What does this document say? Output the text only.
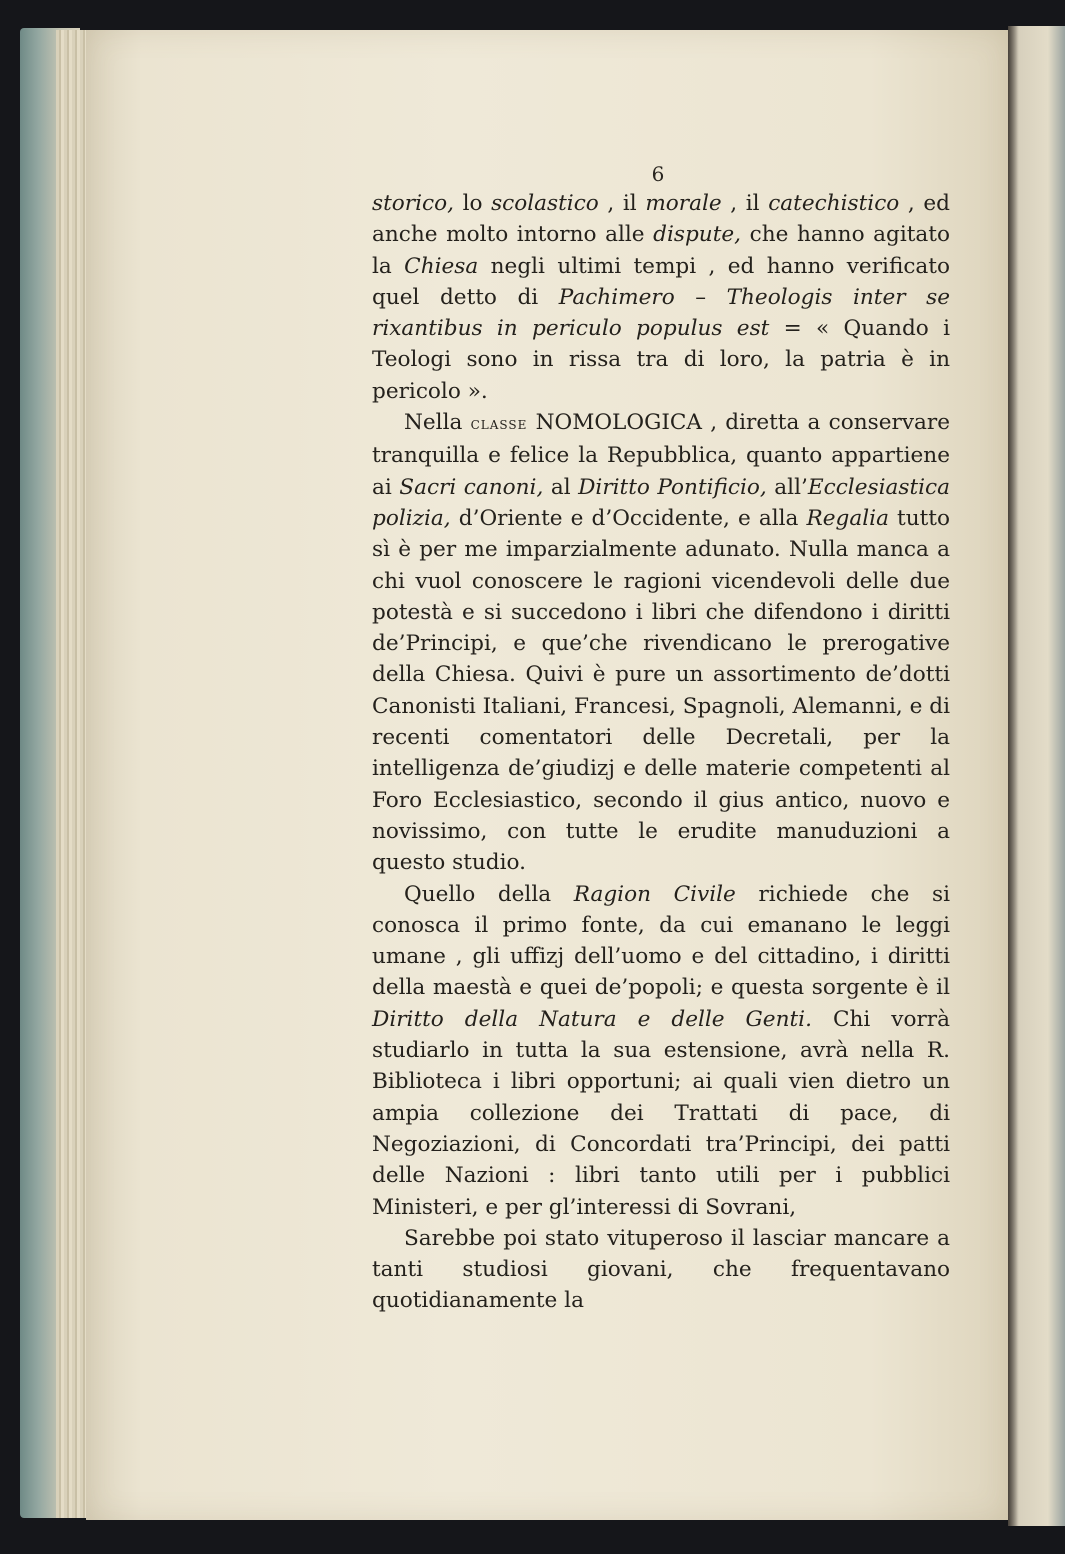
6

storico, lo scolastico , il morale , il catechistico , ed anche molto intorno alle dispute, che hanno agitato la Chiesa negli ultimi tempi , ed hanno verificato quel detto di Pachimero – Theologis inter se rixantibus in periculo populus est = « Quando i Teologi sono in rissa tra di loro, la patria è in pericolo ».

Nella classe NOMOLOGICA , diretta a conservare tranquilla e felice la Repubblica, quanto appartiene ai Sacri canoni, al Diritto Pontificio, all’Ecclesiastica polizia, d’Oriente e d’Occidente, e alla Regalia tutto sì è per me imparzialmente adunato. Nulla manca a chi vuol conoscere le ragioni vicendevoli delle due potestà e si succedono i libri che difendono i diritti de’Principi, e que’che rivendicano le prerogative della Chiesa. Quivi è pure un assortimento de’dotti Canonisti Italiani, Francesi, Spagnoli, Alemanni, e di recenti comentatori delle Decretali, per la intelligenza de’giudizj e delle materie competenti al Foro Ecclesiastico, secondo il gius antico, nuovo e novissimo, con tutte le erudite manuduzioni a questo studio.

Quello della Ragion Civile richiede che si conosca il primo fonte, da cui emanano le leggi umane , gli uffizj dell’uomo e del cittadino, i diritti della maestà e quei de’popoli; e questa sorgente è il Diritto della Natura e delle Genti. Chi vorrà studiarlo in tutta la sua estensione, avrà nella R. Biblioteca i libri opportuni; ai quali vien dietro un ampia collezione dei Trattati di pace, di Negoziazioni, di Concordati tra’Principi, dei patti delle Nazioni : libri tanto utili per i pubblici Ministeri, e per gl’interessi di Sovrani,

Sarebbe poi stato vituperoso il lasciar mancare a tanti studiosi giovani, che frequentavano quotidianamente la
